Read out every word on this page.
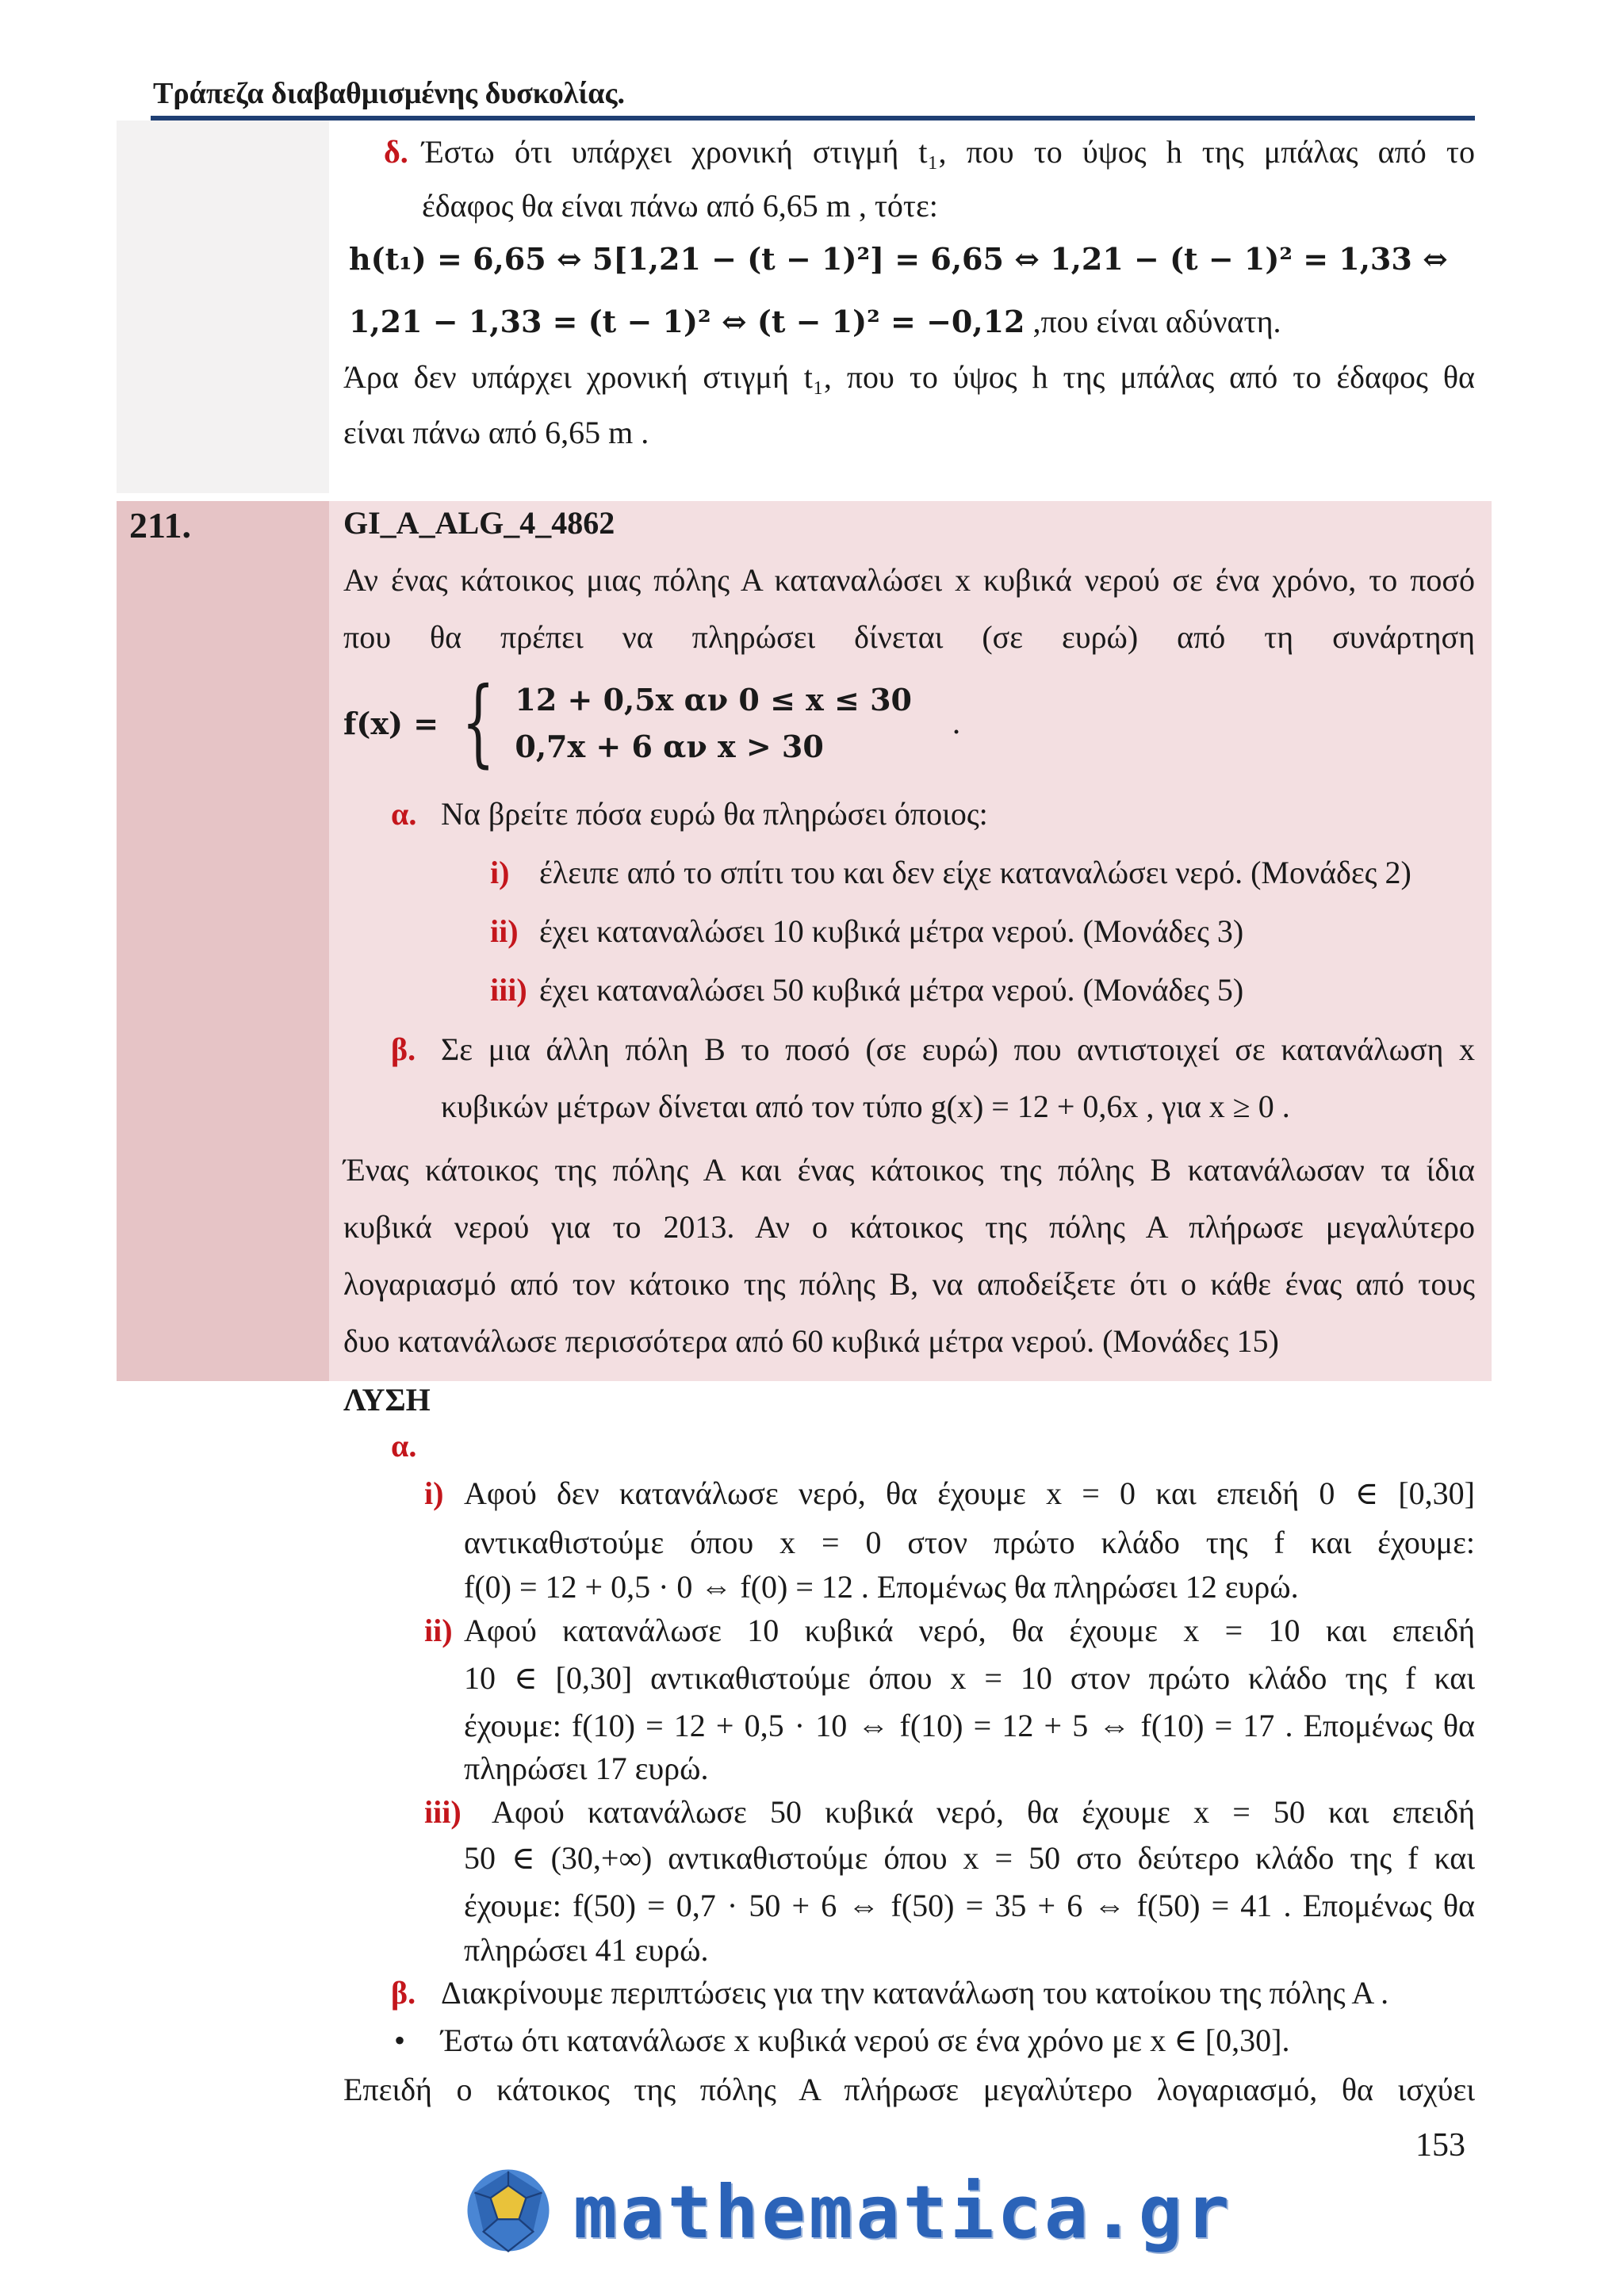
Τράπεζα διαβαθμισμένης δυσκολίας.
δ. Έστω ότι υπάρχει χρονική στιγμή t₁, που το ύψος h της μπάλας από το
έδαφος θα είναι πάνω από 6,65 m , τότε:
h(t₁) = 6,65 ⇔ 5[1,21 − (t − 1)²] = 6,65 ⇔ 1,21 − (t − 1)² = 1,33 ⇔
1,21 − 1,33 = (t − 1)² ⇔ (t − 1)² = −0,12 ,που είναι αδύνατη.
Άρα δεν υπάρχει χρονική στιγμή t₁, που το ύψος h της μπάλας από το έδαφος θα
είναι πάνω από 6,65 m .
211.	GI_A_ALG_4_4862
Αν ένας κάτοικος μιας πόλης Α καταναλώσει x κυβικά νερού σε ένα χρόνο, το ποσό
που θα πρέπει να πληρώσει δίνεται (σε ευρώ) από τη συνάρτηση
f(x) = { 12 + 0,5x αν 0 ≤ x ≤ 30
0,7x + 6 αν x > 30
.
α. Να βρείτε πόσα ευρώ θα πληρώσει όποιος:
i) έλειπε από το σπίτι του και δεν είχε καταναλώσει νερό. (Μονάδες 2)
ii) έχει καταναλώσει 10 κυβικά μέτρα νερού. (Μονάδες 3)
iii) έχει καταναλώσει 50 κυβικά μέτρα νερού. (Μονάδες 5)
β. Σε μια άλλη πόλη Β το ποσό (σε ευρώ) που αντιστοιχεί σε κατανάλωση x
κυβικών μέτρων δίνεται από τον τύπο g(x) = 12 + 0,6x , για x ≥ 0 .
Ένας κάτοικος της πόλης Α και ένας κάτοικος της πόλης Β κατανάλωσαν τα ίδια
κυβικά νερού για το 2013. Αν ο κάτοικος της πόλης Α πλήρωσε μεγαλύτερο
λογαριασμό από τον κάτοικο της πόλης Β, να αποδείξετε ότι ο κάθε ένας από τους
δυο κατανάλωσε περισσότερα από 60 κυβικά μέτρα νερού. (Μονάδες 15)
ΛΥΣΗ
α.
i) Αφού δεν κατανάλωσε νερό, θα έχουμε x = 0 και επειδή 0 ∈ [0,30]
αντικαθιστούμε όπου x = 0 στον πρώτο κλάδο της f και έχουμε:
f(0) = 12 + 0,5 · 0 ⇔ f(0) = 12 . Επομένως θα πληρώσει 12 ευρώ.
ii) Αφού κατανάλωσε 10 κυβικά νερό, θα έχουμε x = 10 και επειδή
10 ∈ [0,30] αντικαθιστούμε όπου x = 10 στον πρώτο κλάδο της f και
έχουμε: f(10) = 12 + 0,5 · 10 ⇔ f(10) = 12 + 5 ⇔ f(10) = 17 . Επομένως θα
πληρώσει 17 ευρώ.
iii) Αφού κατανάλωσε 50 κυβικά νερό, θα έχουμε x = 50 και επειδή
50 ∈ (30,+∞) αντικαθιστούμε όπου x = 50 στο δεύτερο κλάδο της f και
έχουμε: f(50) = 0,7 · 50 + 6 ⇔ f(50) = 35 + 6 ⇔ f(50) = 41 . Επομένως θα
πληρώσει 41 ευρώ.
β. Διακρίνουμε περιπτώσεις για την κατανάλωση του κατοίκου της πόλης Α .
• Έστω ότι κατανάλωσε x κυβικά νερού σε ένα χρόνο με x ∈ [0,30].
Επειδή ο κάτοικος της πόλης Α πλήρωσε μεγαλύτερο λογαριασμό, θα ισχύει
153
mathematica.gr
